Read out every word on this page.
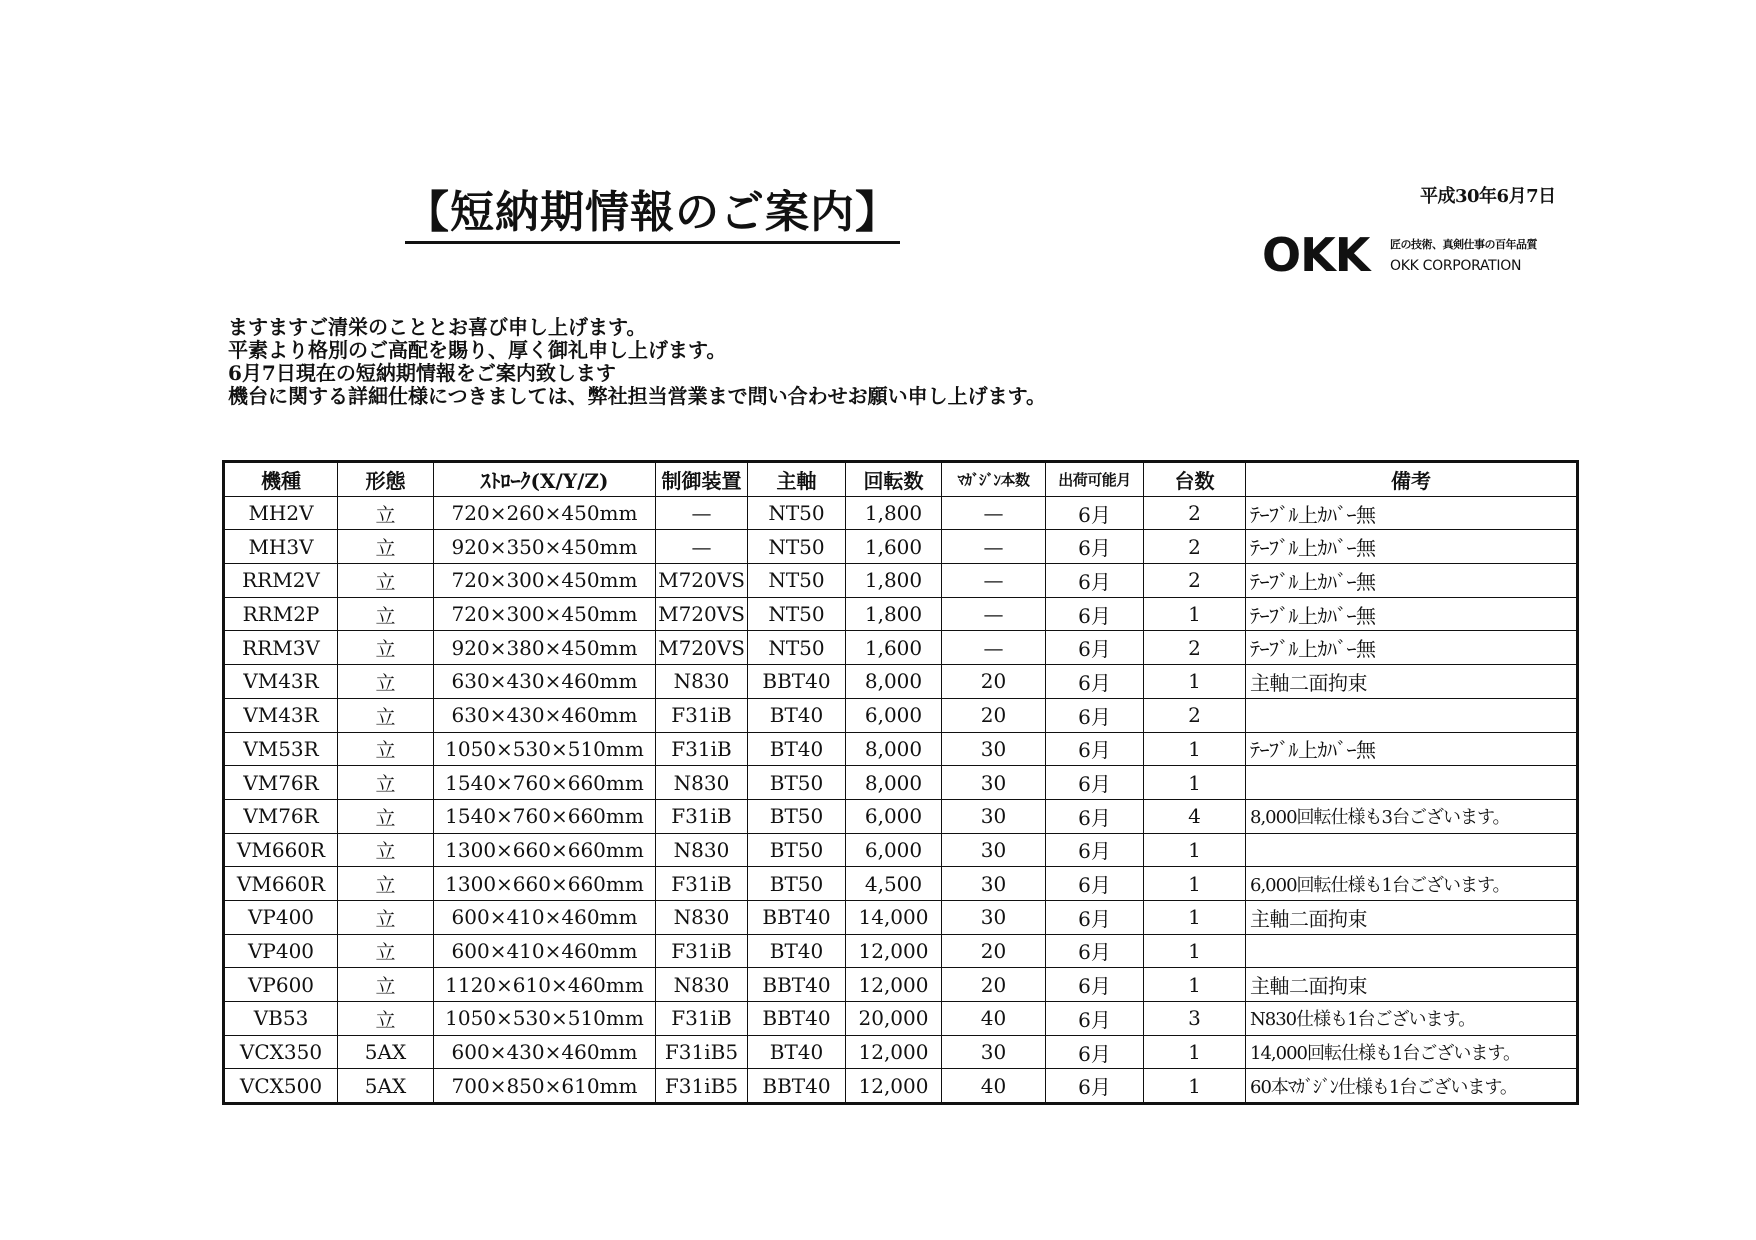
平成30年6月7日
【短納期情報のご案内】
OKK 匠の技術、真剣仕事の百年品質
OKK CORPORATION
ますますご清栄のこととお喜び申し上げます。
平素より格別のご高配を賜り、厚く御礼申し上げます。
6月7日現在の短納期情報をご案内致します
機台に関する詳細仕様につきましては、弊社担当営業まで問い合わせお願い申し上げます。
機種	形態	ｽﾄﾛｰｸ(X/Y/Z)	制御装置	主軸	回転数	ﾏｶﾞｼﾞﾝ本数	出荷可能月	台数	備考
MH2V	立	720×260×450mm	—	NT50	1,800	—	6月	2	ﾃｰﾌﾞﾙ上ｶﾊﾞｰ無
MH3V	立	920×350×450mm	—	NT50	1,600	—	6月	2	ﾃｰﾌﾞﾙ上ｶﾊﾞｰ無
RRM2V	立	720×300×450mm	M720VS	NT50	1,800	—	6月	2	ﾃｰﾌﾞﾙ上ｶﾊﾞｰ無
RRM2P	立	720×300×450mm	M720VS	NT50	1,800	—	6月	1	ﾃｰﾌﾞﾙ上ｶﾊﾞｰ無
RRM3V	立	920×380×450mm	M720VS	NT50	1,600	—	6月	2	ﾃｰﾌﾞﾙ上ｶﾊﾞｰ無
VM43R	立	630×430×460mm	N830	BBT40	8,000	20	6月	1	主軸二面拘束
VM43R	立	630×430×460mm	F31iB	BT40	6,000	20	6月	2	
VM53R	立	1050×530×510mm	F31iB	BT40	8,000	30	6月	1	ﾃｰﾌﾞﾙ上ｶﾊﾞｰ無
VM76R	立	1540×760×660mm	N830	BT50	8,000	30	6月	1	
VM76R	立	1540×760×660mm	F31iB	BT50	6,000	30	6月	4	8,000回転仕様も3台ございます。
VM660R	立	1300×660×660mm	N830	BT50	6,000	30	6月	1	
VM660R	立	1300×660×660mm	F31iB	BT50	4,500	30	6月	1	6,000回転仕様も1台ございます。
VP400	立	600×410×460mm	N830	BBT40	14,000	30	6月	1	主軸二面拘束
VP400	立	600×410×460mm	F31iB	BT40	12,000	20	6月	1	
VP600	立	1120×610×460mm	N830	BBT40	12,000	20	6月	1	主軸二面拘束
VB53	立	1050×530×510mm	F31iB	BBT40	20,000	40	6月	3	N830仕様も1台ございます。
VCX350	5AX	600×430×460mm	F31iB5	BT40	12,000	30	6月	1	14,000回転仕様も1台ございます。
VCX500	5AX	700×850×610mm	F31iB5	BBT40	12,000	40	6月	1	60本ﾏｶﾞｼﾞﾝ仕様も1台ございます。
